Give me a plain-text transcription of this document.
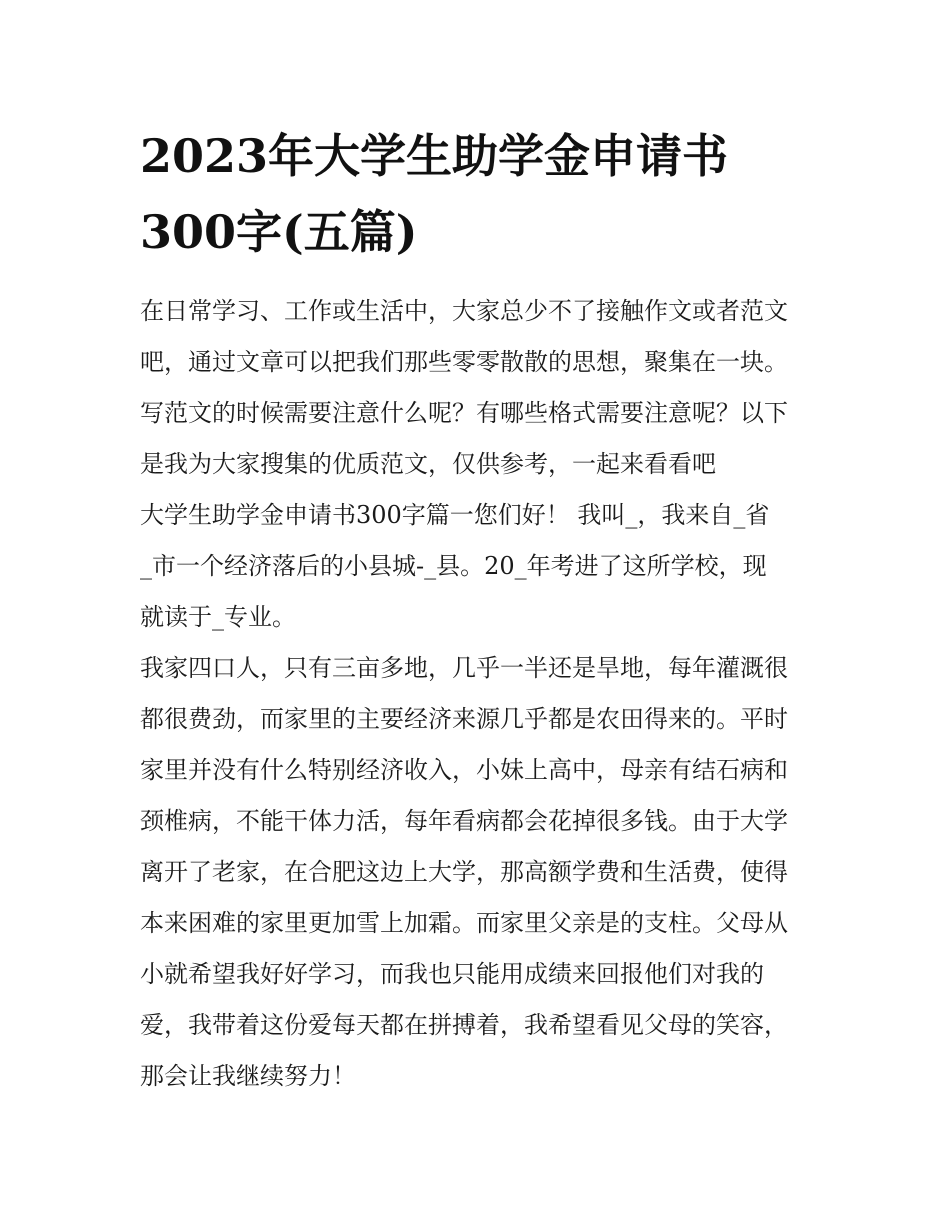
2023年大学生助学金申请书
300字(五篇)
在日常学习、工作或生活中，大家总少不了接触作文或者范文
吧，通过文章可以把我们那些零零散散的思想，聚集在一块。
写范文的时候需要注意什么呢？有哪些格式需要注意呢？以下
是我为大家搜集的优质范文，仅供参考，一起来看看吧
大学生助学金申请书300字篇一您们好！ 我叫_，我来自_省
_市一个经济落后的小县城-_县。20_年考进了这所学校，现
就读于_专业。
我家四口人，只有三亩多地，几乎一半还是旱地，每年灌溉很
都很费劲，而家里的主要经济来源几乎都是农田得来的。平时
家里并没有什么特别经济收入，小妹上高中，母亲有结石病和
颈椎病，不能干体力活，每年看病都会花掉很多钱。由于大学
离开了老家，在合肥这边上大学，那高额学费和生活费，使得
本来困难的家里更加雪上加霜。而家里父亲是的支柱。父母从
小就希望我好好学习，而我也只能用成绩来回报他们对我的
爱，我带着这份爱每天都在拼搏着，我希望看见父母的笑容，
那会让我继续努力！
